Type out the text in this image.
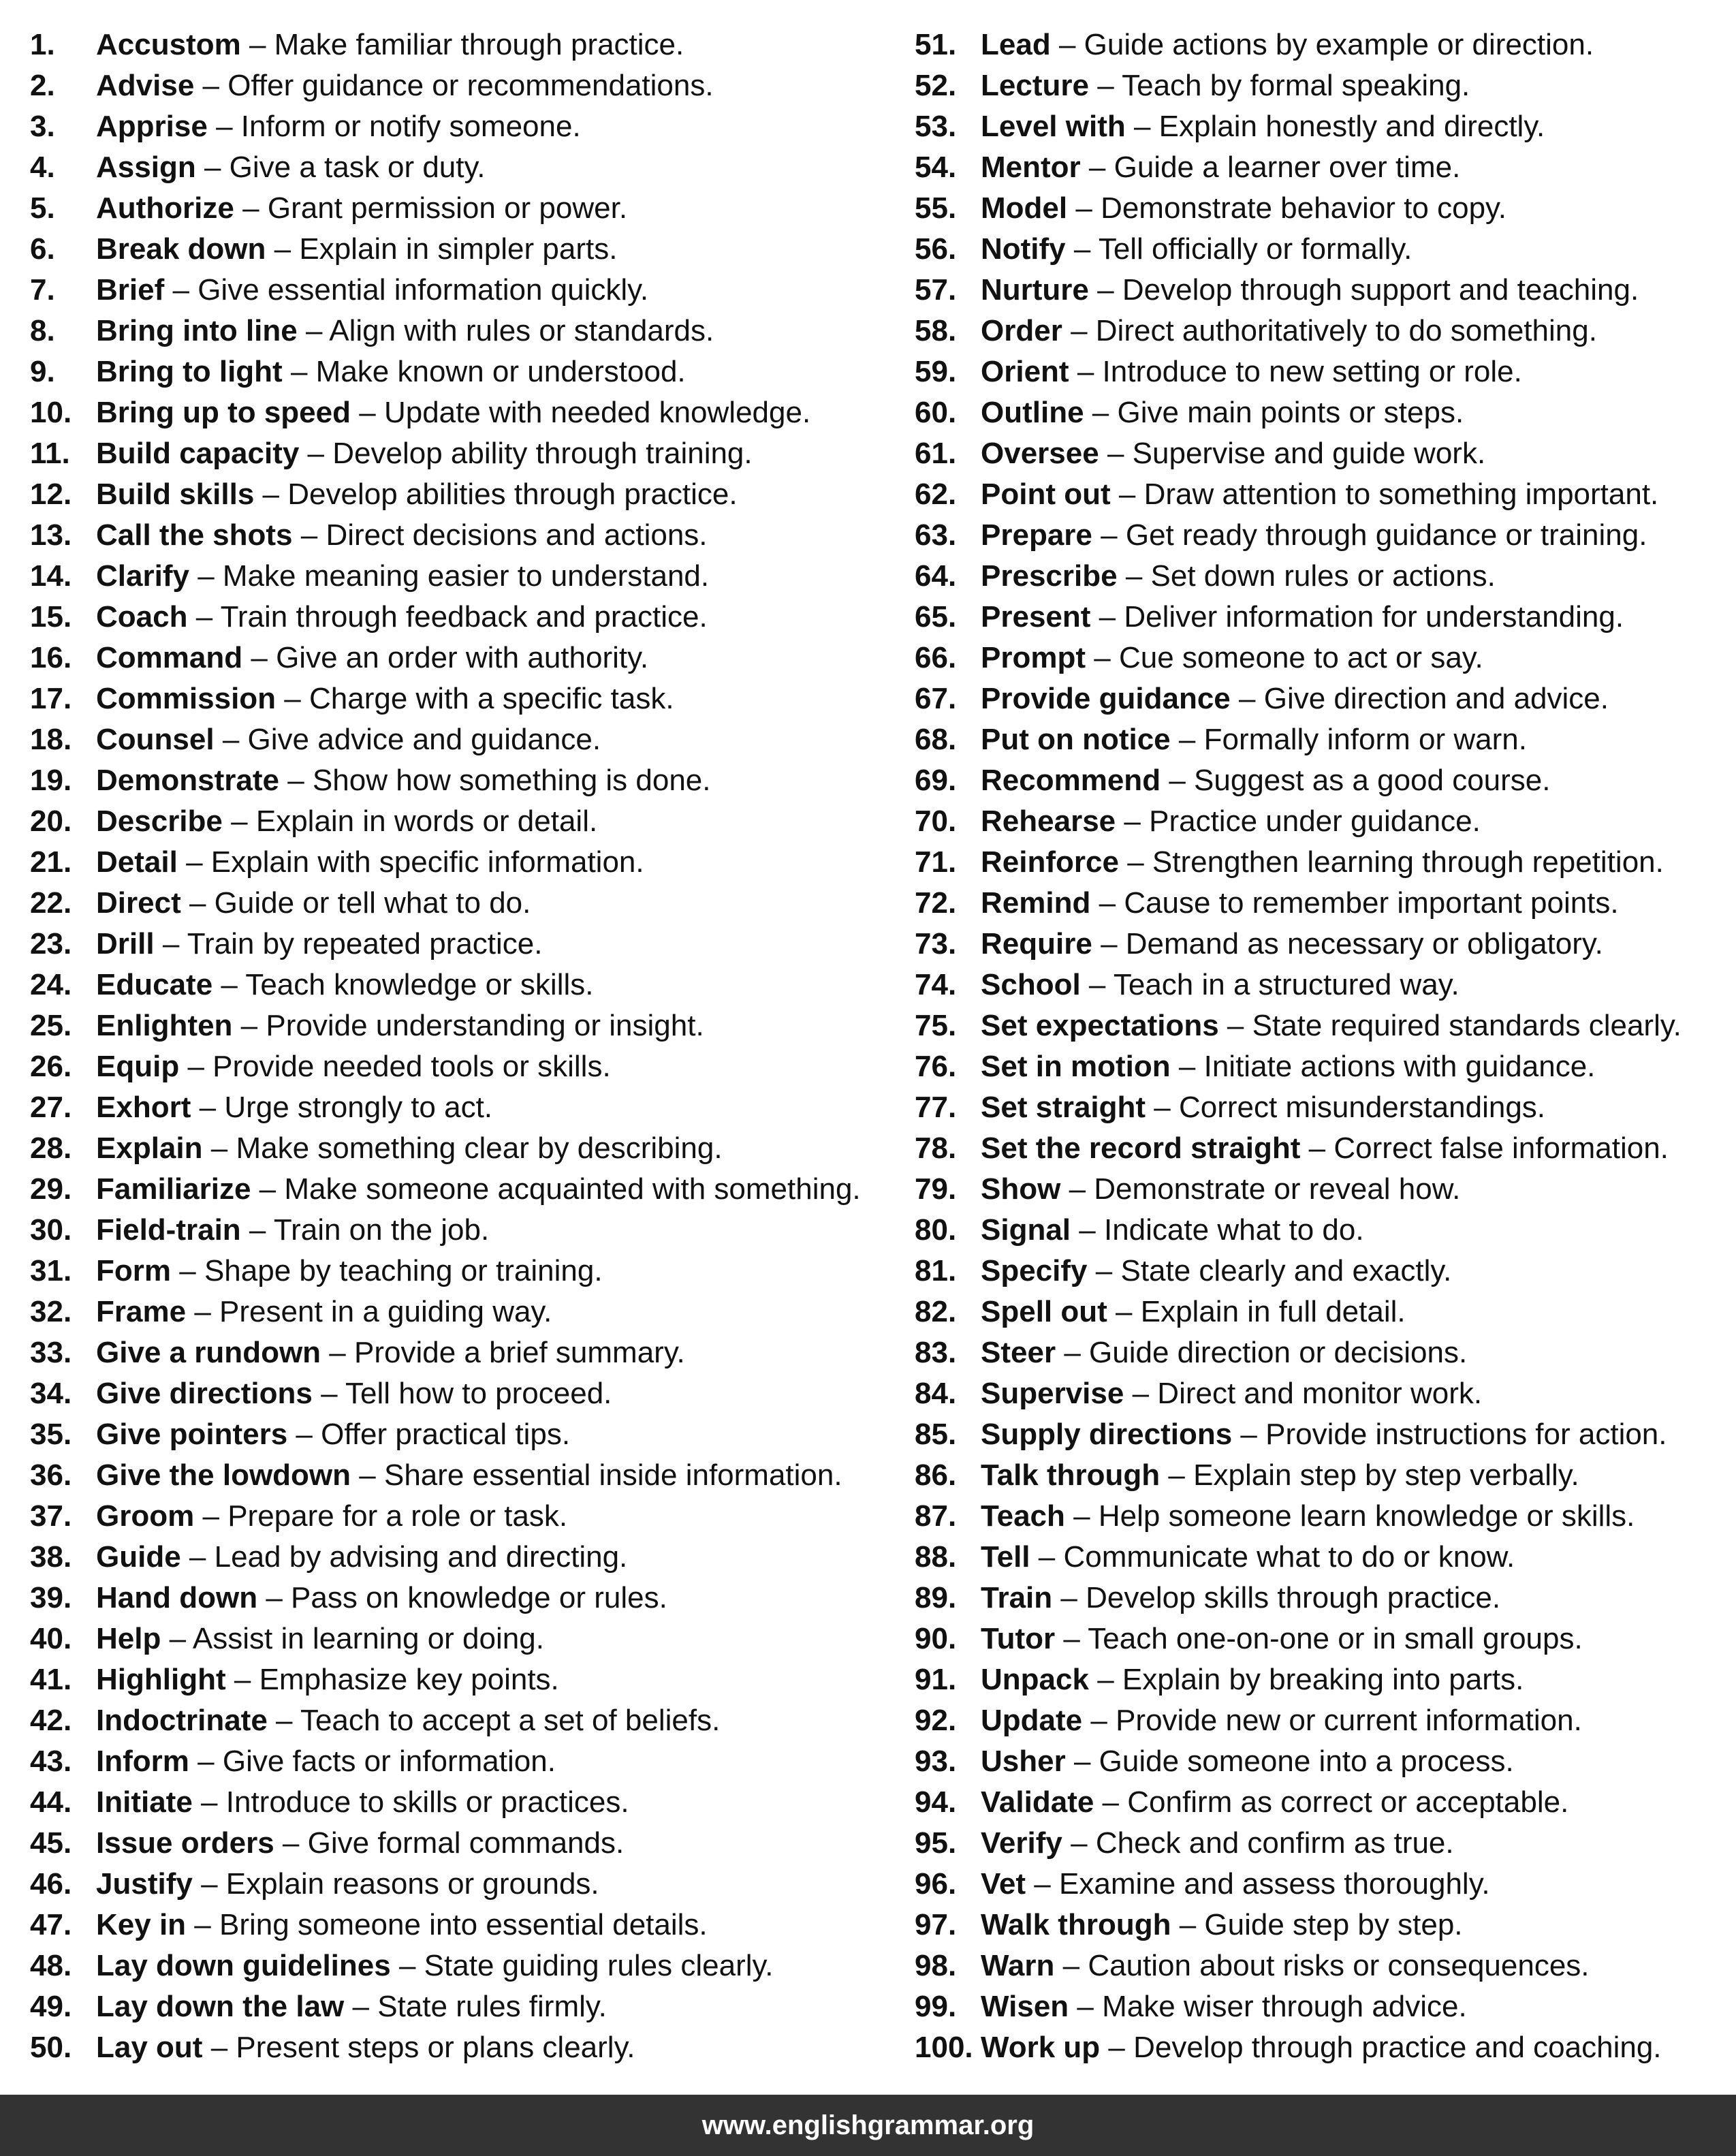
1. Accustom – Make familiar through practice.
2. Advise – Offer guidance or recommendations.
3. Apprise – Inform or notify someone.
4. Assign – Give a task or duty.
5. Authorize – Grant permission or power.
6. Break down – Explain in simpler parts.
7. Brief – Give essential information quickly.
8. Bring into line – Align with rules or standards.
9. Bring to light – Make known or understood.
10. Bring up to speed – Update with needed knowledge.
11. Build capacity – Develop ability through training.
12. Build skills – Develop abilities through practice.
13. Call the shots – Direct decisions and actions.
14. Clarify – Make meaning easier to understand.
15. Coach – Train through feedback and practice.
16. Command – Give an order with authority.
17. Commission – Charge with a specific task.
18. Counsel – Give advice and guidance.
19. Demonstrate – Show how something is done.
20. Describe – Explain in words or detail.
21. Detail – Explain with specific information.
22. Direct – Guide or tell what to do.
23. Drill – Train by repeated practice.
24. Educate – Teach knowledge or skills.
25. Enlighten – Provide understanding or insight.
26. Equip – Provide needed tools or skills.
27. Exhort – Urge strongly to act.
28. Explain – Make something clear by describing.
29. Familiarize – Make someone acquainted with something.
30. Field-train – Train on the job.
31. Form – Shape by teaching or training.
32. Frame – Present in a guiding way.
33. Give a rundown – Provide a brief summary.
34. Give directions – Tell how to proceed.
35. Give pointers – Offer practical tips.
36. Give the lowdown – Share essential inside information.
37. Groom – Prepare for a role or task.
38. Guide – Lead by advising and directing.
39. Hand down – Pass on knowledge or rules.
40. Help – Assist in learning or doing.
41. Highlight – Emphasize key points.
42. Indoctrinate – Teach to accept a set of beliefs.
43. Inform – Give facts or information.
44. Initiate – Introduce to skills or practices.
45. Issue orders – Give formal commands.
46. Justify – Explain reasons or grounds.
47. Key in – Bring someone into essential details.
48. Lay down guidelines – State guiding rules clearly.
49. Lay down the law – State rules firmly.
50. Lay out – Present steps or plans clearly.
51. Lead – Guide actions by example or direction.
52. Lecture – Teach by formal speaking.
53. Level with – Explain honestly and directly.
54. Mentor – Guide a learner over time.
55. Model – Demonstrate behavior to copy.
56. Notify – Tell officially or formally.
57. Nurture – Develop through support and teaching.
58. Order – Direct authoritatively to do something.
59. Orient – Introduce to new setting or role.
60. Outline – Give main points or steps.
61. Oversee – Supervise and guide work.
62. Point out – Draw attention to something important.
63. Prepare – Get ready through guidance or training.
64. Prescribe – Set down rules or actions.
65. Present – Deliver information for understanding.
66. Prompt – Cue someone to act or say.
67. Provide guidance – Give direction and advice.
68. Put on notice – Formally inform or warn.
69. Recommend – Suggest as a good course.
70. Rehearse – Practice under guidance.
71. Reinforce – Strengthen learning through repetition.
72. Remind – Cause to remember important points.
73. Require – Demand as necessary or obligatory.
74. School – Teach in a structured way.
75. Set expectations – State required standards clearly.
76. Set in motion – Initiate actions with guidance.
77. Set straight – Correct misunderstandings.
78. Set the record straight – Correct false information.
79. Show – Demonstrate or reveal how.
80. Signal – Indicate what to do.
81. Specify – State clearly and exactly.
82. Spell out – Explain in full detail.
83. Steer – Guide direction or decisions.
84. Supervise – Direct and monitor work.
85. Supply directions – Provide instructions for action.
86. Talk through – Explain step by step verbally.
87. Teach – Help someone learn knowledge or skills.
88. Tell – Communicate what to do or know.
89. Train – Develop skills through practice.
90. Tutor – Teach one-on-one or in small groups.
91. Unpack – Explain by breaking into parts.
92. Update – Provide new or current information.
93. Usher – Guide someone into a process.
94. Validate – Confirm as correct or acceptable.
95. Verify – Check and confirm as true.
96. Vet – Examine and assess thoroughly.
97. Walk through – Guide step by step.
98. Warn – Caution about risks or consequences.
99. Wisen – Make wiser through advice.
100. Work up – Develop through practice and coaching.
www.englishgrammar.org
